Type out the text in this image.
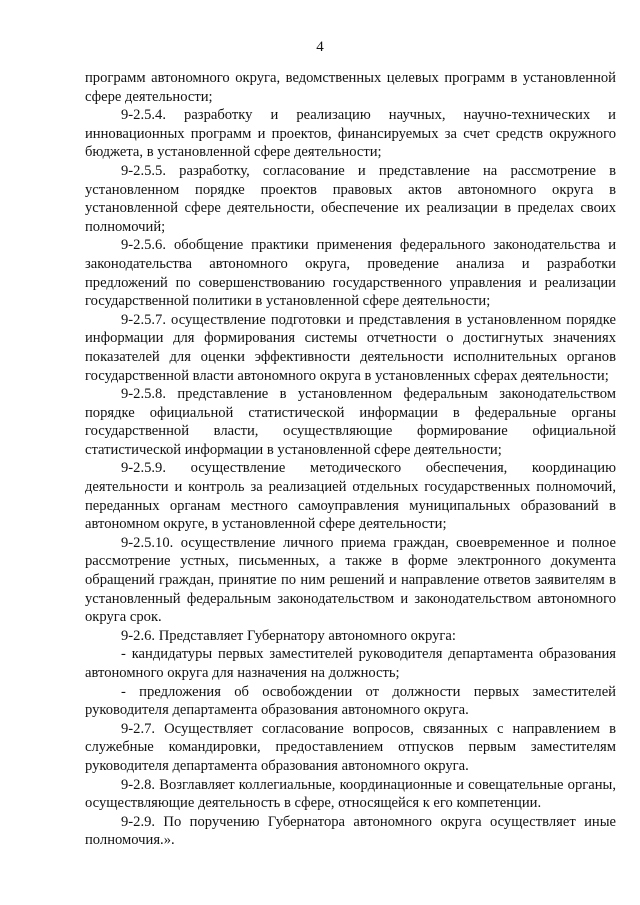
4

программ автономного округа, ведомственных целевых программ в установленной сфере деятельности;

9-2.5.4. разработку и реализацию научных, научно-технических и инновационных программ и проектов, финансируемых за счет средств окружного бюджета, в установленной сфере деятельности;

9-2.5.5. разработку, согласование и представление на рассмотрение в установленном порядке проектов правовых актов автономного округа в установленной сфере деятельности, обеспечение их реализации в пределах своих полномочий;

9-2.5.6. обобщение практики применения федерального законодательства и законодательства автономного округа, проведение анализа и разработки предложений по совершенствованию государственного управления и реализации государственной политики в установленной сфере деятельности;

9-2.5.7. осуществление подготовки и представления в установленном порядке информации для формирования системы отчетности о достигнутых значениях показателей для оценки эффективности деятельности исполнительных органов государственной власти автономного округа в установленных сферах деятельности;

9-2.5.8. представление в установленном федеральным законодательством порядке официальной статистической информации в федеральные органы государственной власти, осуществляющие формирование официальной статистической информации в установленной сфере деятельности;

9-2.5.9. осуществление методического обеспечения, координацию деятельности и контроль за реализацией отдельных государственных полномочий, переданных органам местного самоуправления муниципальных образований в автономном округе, в установленной сфере деятельности;

9-2.5.10. осуществление личного приема граждан, своевременное и полное рассмотрение устных, письменных, а также в форме электронного документа обращений граждан, принятие по ним решений и направление ответов заявителям в установленный федеральным законодательством и законодательством автономного округа срок.

9-2.6. Представляет Губернатору автономного округа:

- кандидатуры первых заместителей руководителя департамента образования автономного округа для назначения на должность;

- предложения об освобождении от должности первых заместителей руководителя департамента образования автономного округа.

9-2.7. Осуществляет согласование вопросов, связанных с направлением в служебные командировки, предоставлением отпусков первым заместителям руководителя департамента образования автономного округа.

9-2.8. Возглавляет коллегиальные, координационные и совещательные органы, осуществляющие деятельность в сфере, относящейся к его компетенции.

9-2.9. По поручению Губернатора автономного округа осуществляет иные полномочия.».
